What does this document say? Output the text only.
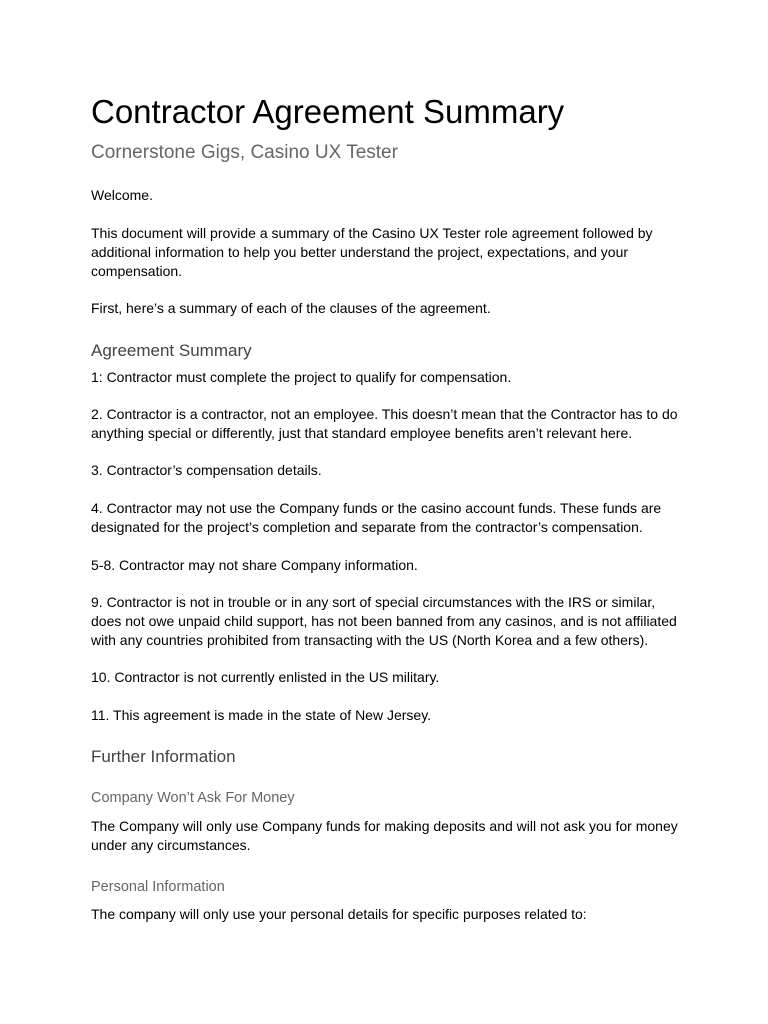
Contractor Agreement Summary
Cornerstone Gigs, Casino UX Tester

Welcome.

This document will provide a summary of the Casino UX Tester role agreement followed by additional information to help you better understand the project, expectations, and your compensation.

First, here’s a summary of each of the clauses of the agreement.

Agreement Summary

1: Contractor must complete the project to qualify for compensation.

2. Contractor is a contractor, not an employee. This doesn’t mean that the Contractor has to do anything special or differently, just that standard employee benefits aren’t relevant here.

3. Contractor’s compensation details.

4. Contractor may not use the Company funds or the casino account funds. These funds are designated for the project’s completion and separate from the contractor’s compensation.

5-8. Contractor may not share Company information.

9. Contractor is not in trouble or in any sort of special circumstances with the IRS or similar, does not owe unpaid child support, has not been banned from any casinos, and is not affiliated with any countries prohibited from transacting with the US (North Korea and a few others).

10. Contractor is not currently enlisted in the US military.

11. This agreement is made in the state of New Jersey.

Further Information
Company Won’t Ask For Money

The Company will only use Company funds for making deposits and will not ask you for money under any circumstances.

Personal Information

The company will only use your personal details for specific purposes related to:
